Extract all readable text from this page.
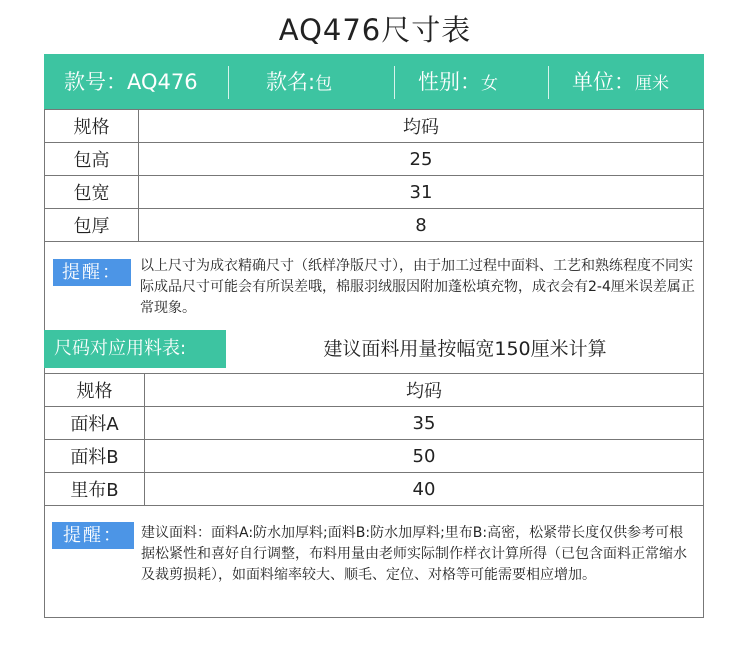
AQ476尺寸表
款号：AQ476	款名:包	性别：女	单位：厘米
规格	均码
包高	25
包宽	31
包厚	8
提醒：	以上尺寸为成衣精确尺寸（纸样净版尺寸），由于加工过程中面料、工艺和熟练程度不同实际成品尺寸可能会有所误差哦，棉服羽绒服因附加蓬松填充物，成衣会有2-4厘米误差属正常现象。
尺码对应用料表:	建议面料用量按幅宽150厘米计算
规格	均码
面料A	35
面料B	50
里布B	40
提醒：	建议面料：面料A:防水加厚料;面料B:防水加厚料;里布B:高密，松紧带长度仅供参考可根据松紧性和喜好自行调整，布料用量由老师实际制作样衣计算所得（已包含面料正常缩水及裁剪损耗），如面料缩率较大、顺毛、定位、对格等可能需要相应增加。
